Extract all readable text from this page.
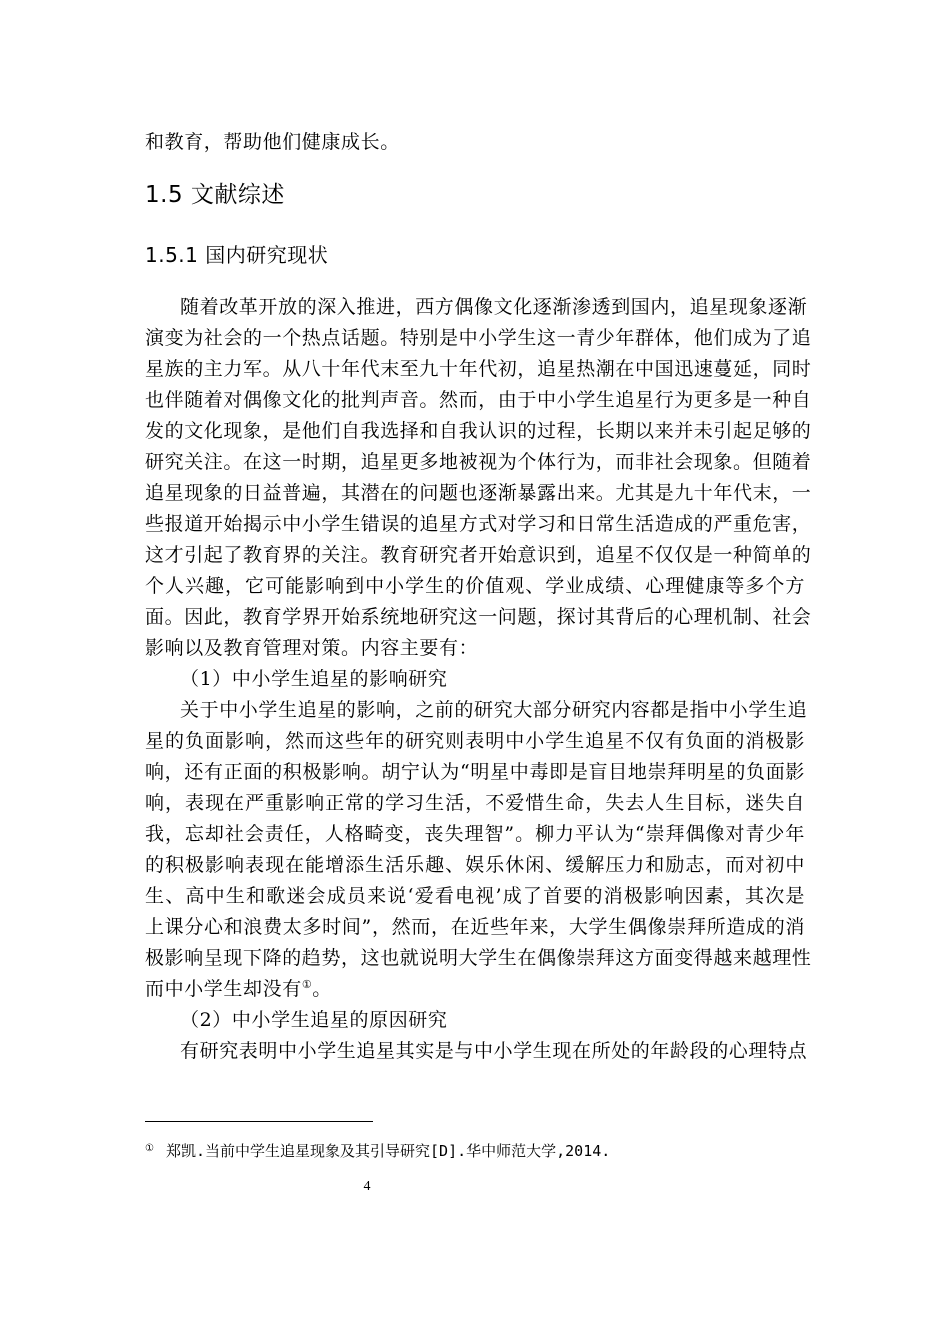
和教育，帮助他们健康成长。
1.5 文献综述
1.5.1 国内研究现状
随着改革开放的深入推进，西方偶像文化逐渐渗透到国内，追星现象逐渐
演变为社会的一个热点话题。特别是中小学生这一青少年群体，他们成为了追
星族的主力军。从八十年代末至九十年代初，追星热潮在中国迅速蔓延，同时
也伴随着对偶像文化的批判声音。然而，由于中小学生追星行为更多是一种自
发的文化现象，是他们自我选择和自我认识的过程，长期以来并未引起足够的
研究关注。在这一时期，追星更多地被视为个体行为，而非社会现象。但随着
追星现象的日益普遍，其潜在的问题也逐渐暴露出来。尤其是九十年代末，一
些报道开始揭示中小学生错误的追星方式对学习和日常生活造成的严重危害，
这才引起了教育界的关注。教育研究者开始意识到，追星不仅仅是一种简单的
个人兴趣，它可能影响到中小学生的价值观、学业成绩、心理健康等多个方
面。因此，教育学界开始系统地研究这一问题，探讨其背后的心理机制、社会
影响以及教育管理对策。内容主要有：
（1）中小学生追星的影响研究
关于中小学生追星的影响，之前的研究大部分研究内容都是指中小学生追
星的负面影响，然而这些年的研究则表明中小学生追星不仅有负面的消极影
响，还有正面的积极影响。胡宁认为“明星中毒即是盲目地崇拜明星的负面影
响，表现在严重影响正常的学习生活，不爱惜生命，失去人生目标，迷失自
我，忘却社会责任，人格畸变，丧失理智”。柳力平认为“崇拜偶像对青少年
的积极影响表现在能增添生活乐趣、娱乐休闲、缓解压力和励志，而对初中
生、高中生和歌迷会成员来说‘爱看电视’成了首要的消极影响因素，其次是
上课分心和浪费太多时间”，然而，在近些年来，大学生偶像崇拜所造成的消
极影响呈现下降的趋势，这也就说明大学生在偶像崇拜这方面变得越来越理性
而中小学生却没有①。
（2）中小学生追星的原因研究
有研究表明中小学生追星其实是与中小学生现在所处的年龄段的心理特点
① 郑凯.当前中学生追星现象及其引导研究[D].华中师范大学,2014.
4
